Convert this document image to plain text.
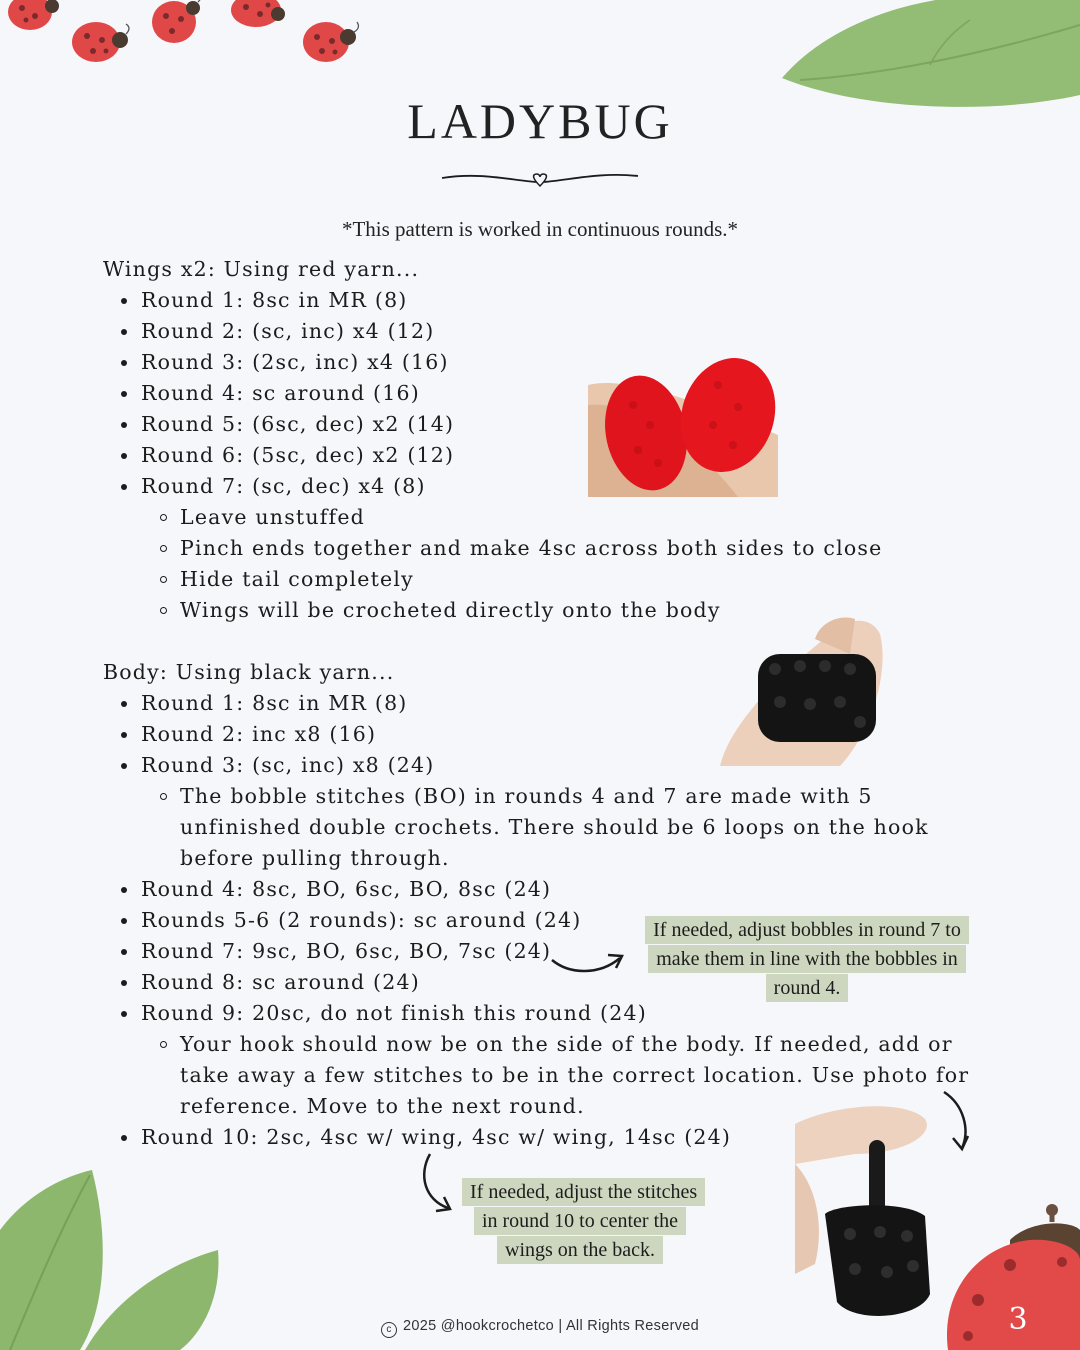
LADYBUG
*This pattern is worked in continuous rounds.*
Wings x2: Using red yarn...
Round 1: 8sc in MR (8)
Round 2: (sc, inc) x4 (12)
Round 3: (2sc, inc) x4 (16)
Round 4: sc around (16)
Round 5: (6sc, dec) x2 (14)
Round 6: (5sc, dec) x2 (12)
Round 7: (sc, dec) x4 (8)
Leave unstuffed
Pinch ends together and make 4sc across both sides to close
Hide tail completely
Wings will be crocheted directly onto the body
Body: Using black yarn...
Round 1: 8sc in MR (8)
Round 2: inc x8 (16)
Round 3: (sc, inc) x8 (24)
The bobble stitches (BO) in rounds 4 and 7 are made with 5 unfinished double crochets. There should be 6 loops on the hook before pulling through.
Round 4: 8sc, BO, 6sc, BO, 8sc (24)
Rounds 5-6 (2 rounds): sc around (24)
Round 7: 9sc, BO, 6sc, BO, 7sc (24)
Round 8: sc around (24)
Round 9: 20sc, do not finish this round (24)
Your hook should now be on the side of the body. If needed, add or take away a few stitches to be in the correct location. Use photo for reference. Move to the next round.
Round 10: 2sc, 4sc w/ wing, 4sc w/ wing, 14sc (24)
If needed, adjust bobbles in round 7 to make them in line with the bobbles in round 4.
If needed, adjust the stitches in round 10 to center the wings on the back.
c 2025 @hookcrochetco | All Rights Reserved	3
